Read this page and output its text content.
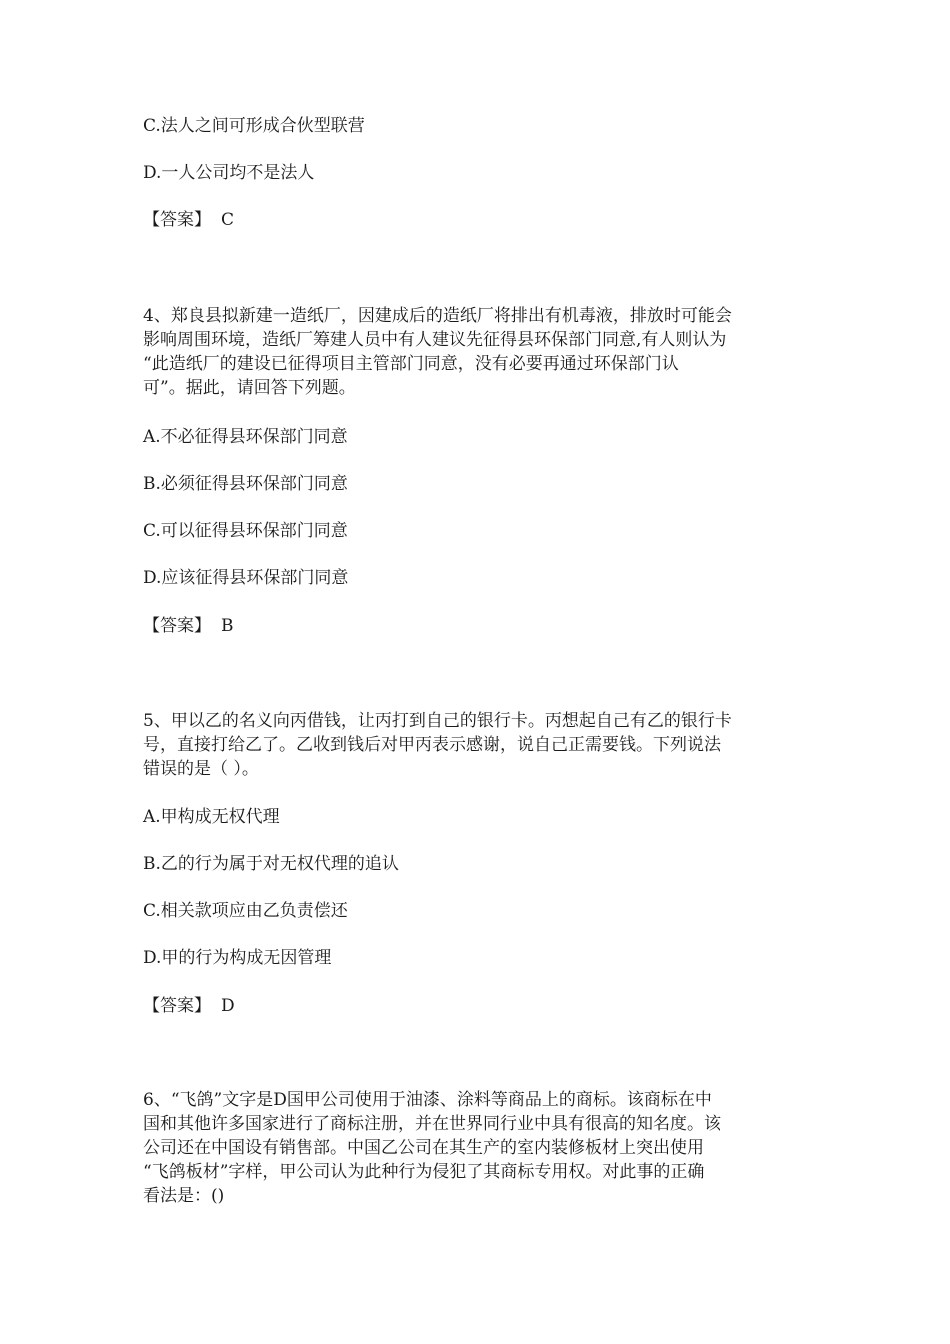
C.法人之间可形成合伙型联营
D.一人公司均不是法人
【答案】 C
4、郑良县拟新建一造纸厂，因建成后的造纸厂将排出有机毒液，排放时可能会
影响周围环境，造纸厂筹建人员中有人建议先征得县环保部门同意,有人则认为
“此造纸厂的建设已征得项目主管部门同意，没有必要再通过环保部门认
可”。据此，请回答下列题。
A.不必征得县环保部门同意
B.必须征得县环保部门同意
C.可以征得县环保部门同意
D.应该征得县环保部门同意
【答案】 B
5、甲以乙的名义向丙借钱，让丙打到自己的银行卡。丙想起自己有乙的银行卡
号，直接打给乙了。乙收到钱后对甲丙表示感谢，说自己正需要钱。下列说法
错误的是（ ）。
A.甲构成无权代理
B.乙的行为属于对无权代理的追认
C.相关款项应由乙负责偿还
D.甲的行为构成无因管理
【答案】 D
6、“飞鸽”文字是D国甲公司使用于油漆、涂料等商品上的商标。该商标在中
国和其他许多国家进行了商标注册，并在世界同行业中具有很高的知名度。该
公司还在中国设有销售部。中国乙公司在其生产的室内装修板材上突出使用
“飞鸽板材”字样，甲公司认为此种行为侵犯了其商标专用权。对此事的正确
看法是：()
